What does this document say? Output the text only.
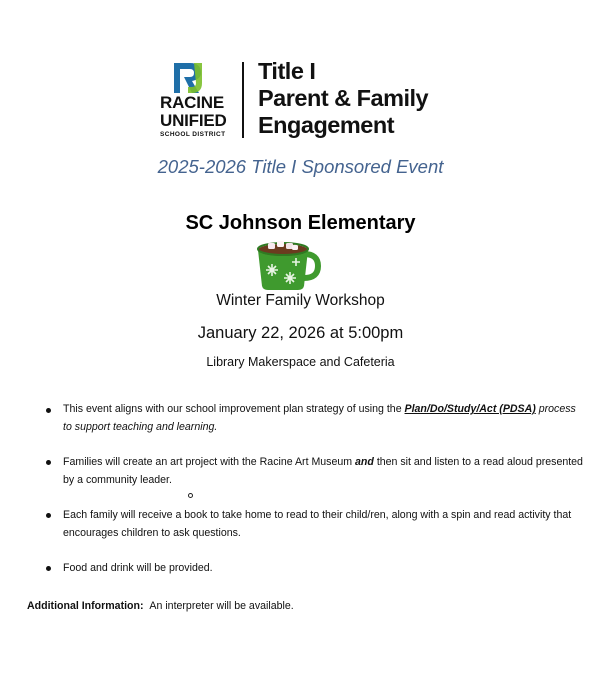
RACINE
UNIFIED
SCHOOL DISTRICT
Title I
Parent & Family
Engagement
2025-2026 Title I Sponsored Event
SC Johnson Elementary
Winter Family Workshop
January 22, 2026 at 5:00pm
Library Makerspace and Cafeteria
This event aligns with our school improvement plan strategy of using the Plan/Do/Study/Act (PDSA) process to support teaching and learning.
Families will create an art project with the Racine Art Museum and then sit and listen to a read aloud presented by a community leader.
Each family will receive a book to take home to read to their child/ren, along with a spin and read activity that encourages children to ask questions.
Food and drink will be provided.
Additional Information: An interpreter will be available.
